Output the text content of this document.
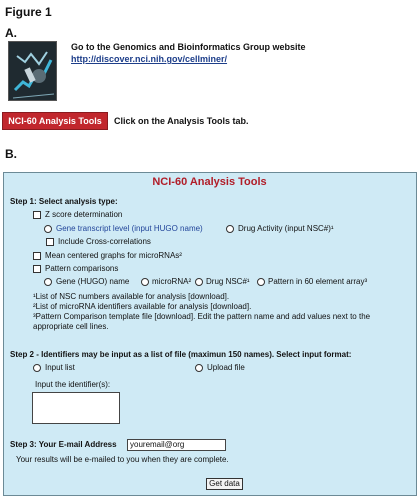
Figure 1
A.
Go to the Genomics and Bioinformatics Group website
http://discover.nci.nih.gov/cellminer/
NCI-60 Analysis Tools	Click on the Analysis Tools tab.
B.
NCI-60 Analysis Tools
Step 1: Select analysis type:
Z score determination
Gene transcript level (input HUGO name)	Drug Activity (input NSC#)¹
Include Cross-correlations
Mean centered graphs for microRNAs²
Pattern comparisons
Gene (HUGO) name	microRNA² Drug NSC#¹ Pattern in 60 element array³
¹List of NSC numbers available for analysis [download].
²List of microRNA identifiers available for analysis [download].
³Pattern Comparison template file [download]. Edit the pattern name and add values next to the
appropriate cell lines.
Step 2 - Identifiers may be input as a list of file (maximun 150 names). Select input format:
Input list	Upload file
Input the identifier(s):
Step 3: Your E-mail Address	youremail@org
Your results will be e-mailed to you when they are complete.
Get data
